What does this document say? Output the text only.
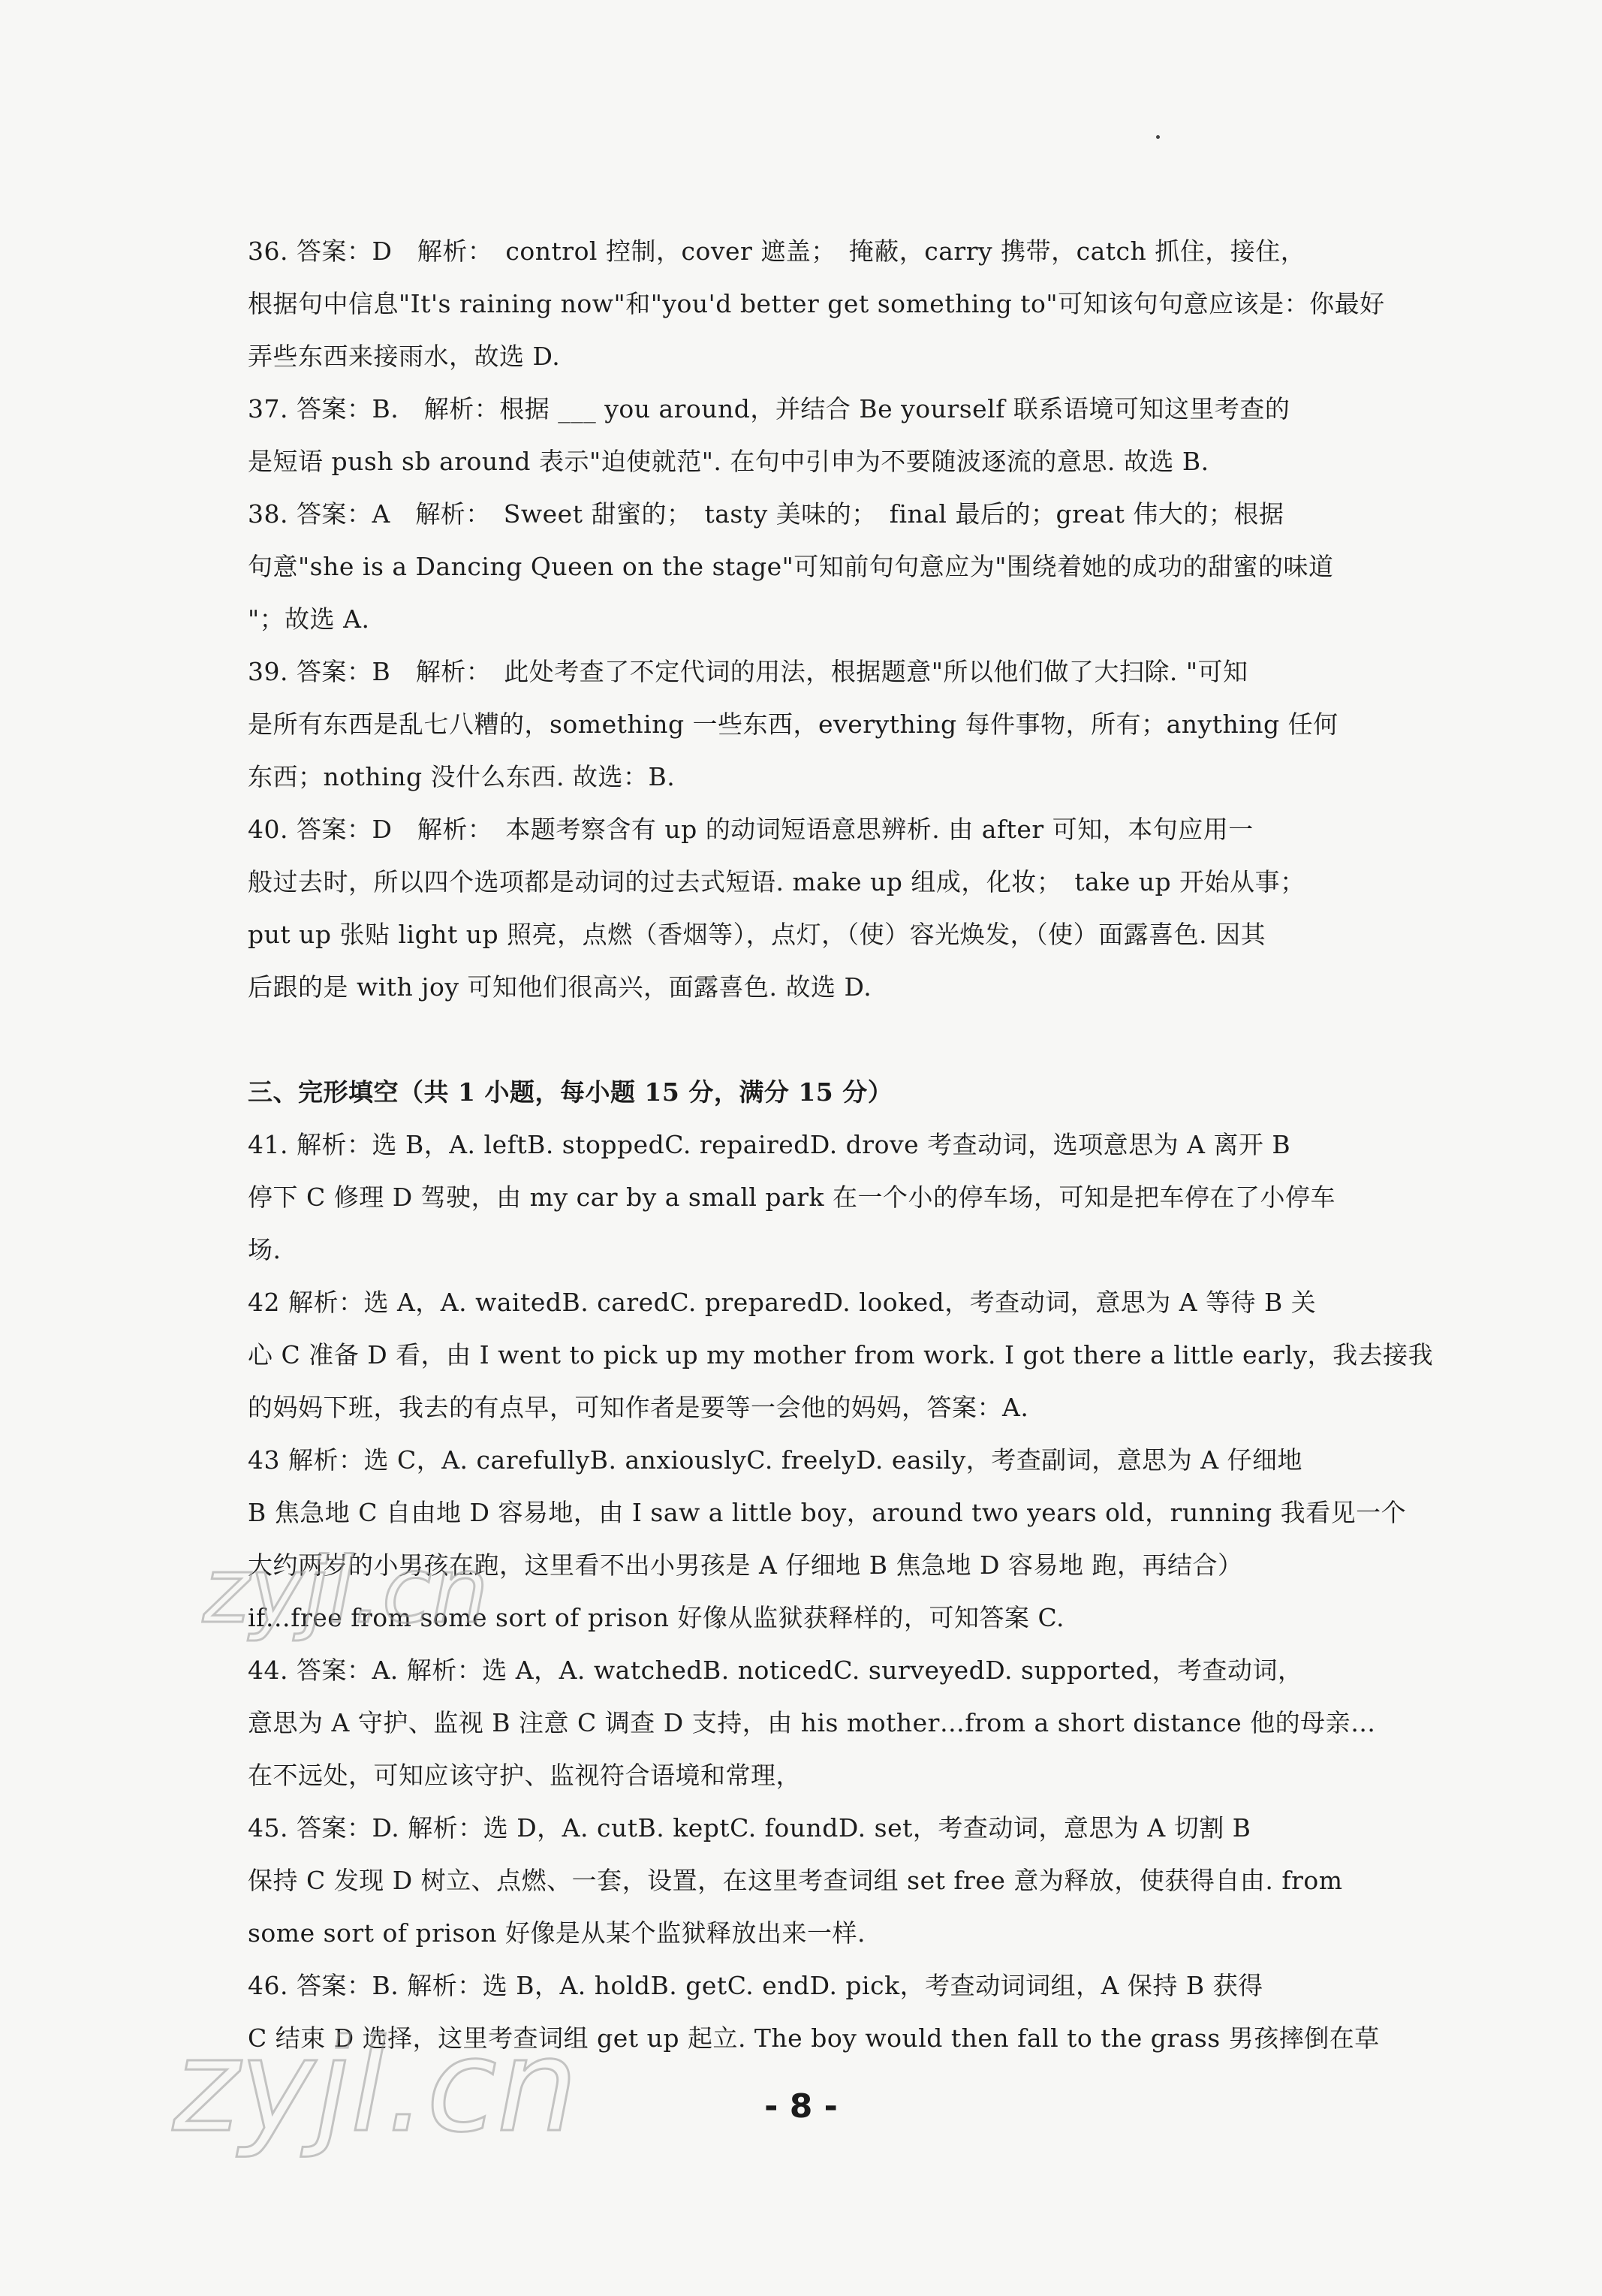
36. 答案：D　解析：　control 控制，cover 遮盖；　掩蔽，carry 携带，catch 抓住，接住，
根据句中信息"It's raining now"和"you'd better get something to"可知该句句意应该是：你最好
弄些东西来接雨水，故选 D.
37. 答案：B.　解析：根据 ___ you around，并结合 Be yourself 联系语境可知这里考查的
是短语 push sb around 表示"迫使就范". 在句中引申为不要随波逐流的意思. 故选 B.
38. 答案：A　解析：　Sweet 甜蜜的；　tasty 美味的；　final 最后的；great 伟大的；根据
句意"she is a Dancing Queen on the stage"可知前句句意应为"围绕着她的成功的甜蜜的味道
"；故选 A.
39. 答案：B　解析：　此处考查了不定代词的用法，根据题意"所以他们做了大扫除. "可知
是所有东西是乱七八糟的，something 一些东西，everything 每件事物，所有；anything 任何
东西；nothing 没什么东西. 故选：B.
40. 答案：D　解析：　本题考察含有 up 的动词短语意思辨析. 由 after 可知，本句应用一
般过去时，所以四个选项都是动词的过去式短语. make up 组成，化妆；　take up 开始从事；
put up 张贴 light up 照亮，点燃（香烟等），点灯，（使）容光焕发，（使）面露喜色. 因其
后跟的是 with joy 可知他们很高兴，面露喜色. 故选 D.
三、完形填空（共 1 小题，每小题 15 分，满分 15 分）
41. 解析：选 B，A. leftB. stoppedC. repairedD. drove 考查动词，选项意思为 A 离开 B
停下 C 修理 D 驾驶，由 my car by a small park 在一个小的停车场，可知是把车停在了小停车
场.
42 解析：选 A，A. waitedB. caredC. preparedD. looked，考查动词，意思为 A 等待 B 关
心 C 准备 D 看，由 I went to pick up my mother from work. I got there a little early，我去接我
的妈妈下班，我去的有点早，可知作者是要等一会他的妈妈，答案：A.
43 解析：选 C，A. carefullyB. anxiouslyC. freelyD. easily，考查副词，意思为 A 仔细地
B 焦急地 C 自由地 D 容易地，由 I saw a little boy，around two years old，running 我看见一个
大约两岁的小男孩在跑，这里看不出小男孩是 A 仔细地 B 焦急地 D 容易地 跑，再结合）
if…free from some sort of prison 好像从监狱获释样的，可知答案 C.
44. 答案：A. 解析：选 A，A. watchedB. noticedC. surveyedD. supported，考查动词，
意思为 A 守护、监视 B 注意 C 调查 D 支持，由 his mother…from a short distance 他的母亲…
在不远处，可知应该守护、监视符合语境和常理，
45. 答案：D. 解析：选 D，A. cutB. keptC. foundD. set，考查动词，意思为 A 切割 B
保持 C 发现 D 树立、点燃、一套，设置，在这里考查词组 set free 意为释放，使获得自由. from
some sort of prison 好像是从某个监狱释放出来一样.
46. 答案：B. 解析：选 B，A. holdB. getC. endD. pick，考查动词词组，A 保持 B 获得
C 结束 D 选择，这里考查词组 get up 起立. The boy would then fall to the grass 男孩摔倒在草
zyjl.cn
zyjl.cn	- 8 -
